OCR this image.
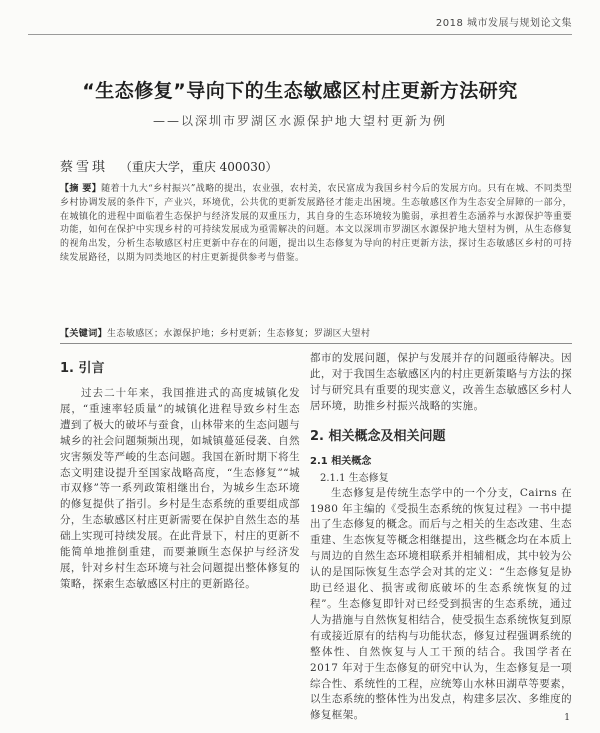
2018 城市发展与规划论文集
“生态修复”导向下的生态敏感区村庄更新方法研究
——以深圳市罗湖区水源保护地大望村更新为例
蔡雪琪 （重庆大学，重庆 400030）
【摘 要】随着十九大“乡村振兴”战略的提出，农业强，农村美，农民富成为我国乡村今后的发展方向。只有在城、不同类型乡村协调发展的条件下，产业兴，环境优，公共优的更新发展路径才能走出困境。生态敏感区作为生态安全屏障的一部分，在城镇化的进程中面临着生态保护与经济发展的双重压力，其自身的生态环境较为脆弱，承担着生态涵养与水源保护等重要功能，如何在保护中实现乡村的可持续发展成为亟需解决的问题。本文以深圳市罗湖区水源保护地大望村为例，从生态修复的视角出发，分析生态敏感区村庄更新中存在的问题，提出以生态修复为导向的村庄更新方法，探讨生态敏感区乡村的可持续发展路径，以期为同类地区的村庄更新提供参考与借鉴。
【关键词】生态敏感区；水源保护地；乡村更新；生态修复；罗湖区大望村
1. 引言

过去二十年来，我国推进式的高度城镇化发展，“重速率轻质量”的城镇化进程导致乡村生态遭到了极大的破坏与蚕食，山林带来的生态问题与城乡的社会问题频频出现，如城镇蔓延侵袭、自然灾害频发等严峻的生态问题。我国在新时期下将生态文明建设提升至国家战略高度，“生态修复”“城市双修”等一系列政策相继出台，为城乡生态环境的修复提供了指引。乡村是生态系统的重要组成部分，生态敏感区村庄更新需要在保护自然生态的基础上实现可持续发展。在此背景下，村庄的更新不能简单地推倒重建，而要兼顾生态保护与经济发展，针对乡村生态环境与社会问题提出整体修复的策略，探索生态敏感区村庄的更新路径。

都市的发展问题，保护与发展并存的问题亟待解决。因此，对于我国生态敏感区内的村庄更新策略与方法的探讨与研究具有重要的现实意义，改善生态敏感区乡村人居环境，助推乡村振兴战略的实施。

2. 相关概念及相关问题
2.1 相关概念
2.1.1 生态修复

生态修复是传统生态学中的一个分支，Cairns 在 1980 年主编的《受损生态系统的恢复过程》一书中提出了生态修复的概念。而后与之相关的生态改建、生态重建、生态恢复等概念相继提出，这些概念均在本质上与周边的自然生态环境相联系并相辅相成，其中较为公认的是国际恢复生态学会对其的定义：“生态修复是协助已经退化、损害或彻底破坏的生态系统恢复的过程”。生态修复即针对已经受到损害的生态系统，通过人为措施与自然恢复相结合，使受损生态系统恢复到原有或接近原有的结构与功能状态，修复过程强调系统的整体性、自然恢复与人工干预的结合。我国学者在 2017 年对于生态修复的研究中认为，生态修复是一项综合性、系统性的工程，应统筹山水林田湖草等要素，以生态系统的整体性为出发点，构建多层次、多维度的修复框架。	1
